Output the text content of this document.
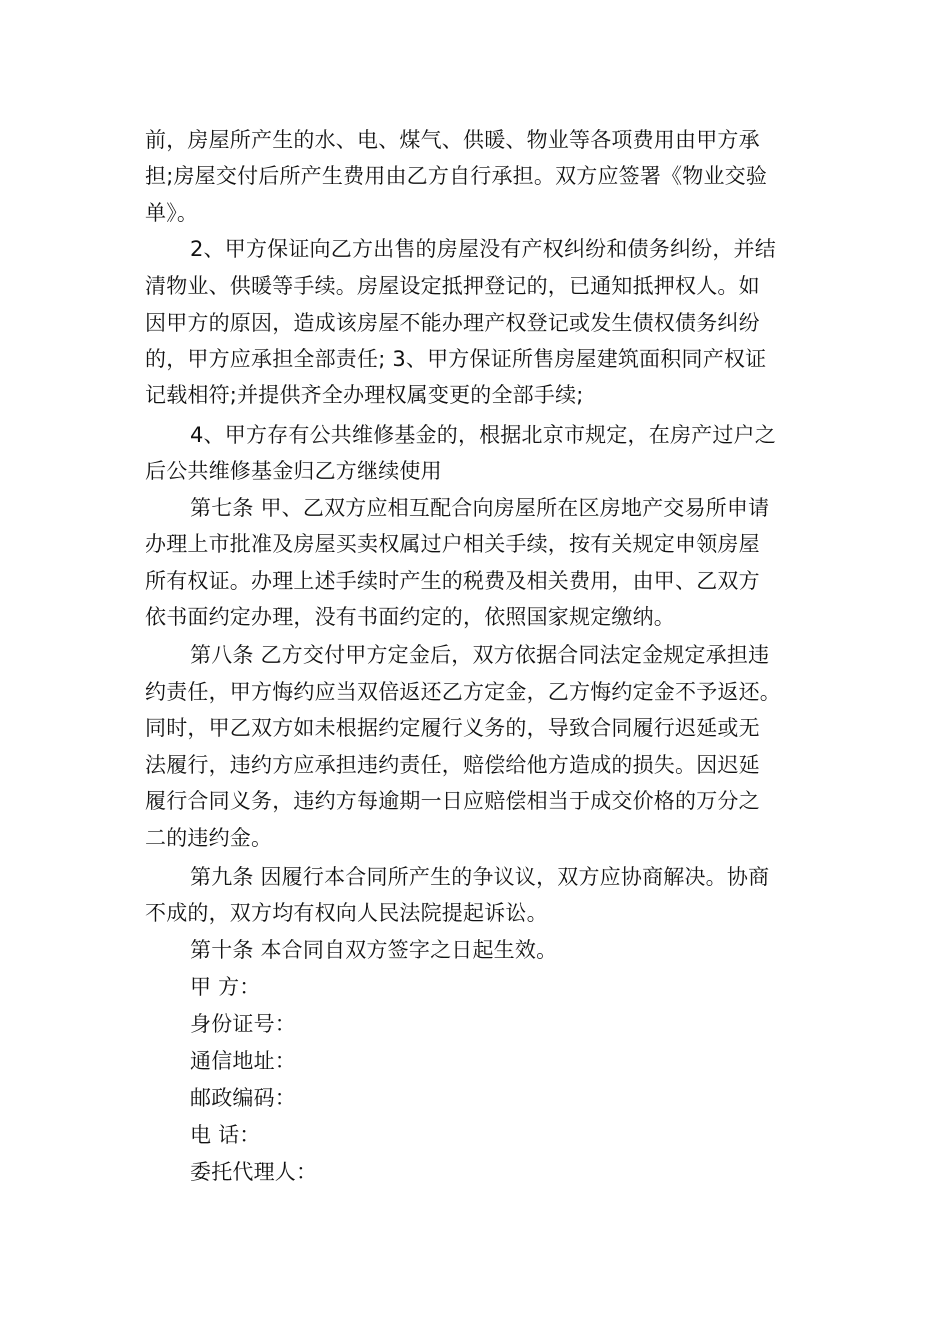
前，房屋所产生的水、电、煤气、供暖、物业等各项费用由甲方承
担;房屋交付后所产生费用由乙方自行承担。双方应签署《物业交验
单》。
2、甲方保证向乙方出售的房屋没有产权纠纷和债务纠纷，并结
清物业、供暖等手续。房屋设定抵押登记的，已通知抵押权人。如
因甲方的原因，造成该房屋不能办理产权登记或发生债权债务纠纷
的，甲方应承担全部责任; 3、甲方保证所售房屋建筑面积同产权证
记载相符;并提供齐全办理权属变更的全部手续;
4、甲方存有公共维修基金的，根据北京市规定，在房产过户之
后公共维修基金归乙方继续使用
第七条 甲、乙双方应相互配合向房屋所在区房地产交易所申请
办理上市批准及房屋买卖权属过户相关手续，按有关规定申领房屋
所有权证。办理上述手续时产生的税费及相关费用，由甲、乙双方
依书面约定办理，没有书面约定的，依照国家规定缴纳。
第八条 乙方交付甲方定金后，双方依据合同法定金规定承担违
约责任，甲方悔约应当双倍返还乙方定金，乙方悔约定金不予返还。
同时，甲乙双方如未根据约定履行义务的，导致合同履行迟延或无
法履行，违约方应承担违约责任，赔偿给他方造成的损失。因迟延
履行合同义务，违约方每逾期一日应赔偿相当于成交价格的万分之
二的违约金。
第九条 因履行本合同所产生的争议议，双方应协商解决。协商
不成的，双方均有权向人民法院提起诉讼。
第十条 本合同自双方签字之日起生效。
甲 方：
身份证号：
通信地址：
邮政编码：
电 话：
委托代理人：
